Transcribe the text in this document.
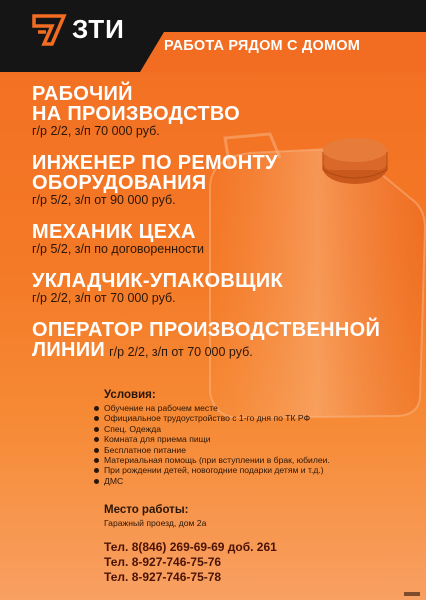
ЗТИ
РАБОТА РЯДОМ С ДОМОМ
РАБОЧИЙ
НА ПРОИЗВОДСТВО
г/р 2/2, з/п 70 000 руб.
ИНЖЕНЕР ПО РЕМОНТУ
ОБОРУДОВАНИЯ
г/р 5/2, з/п от 90 000 руб.
МЕХАНИК ЦЕХА
г/р 5/2, з/п по договоренности
УКЛАДЧИК-УПАКОВЩИК
г/р 2/2, з/п от 70 000 руб.
ОПЕРАТОР ПРОИЗВОДСТВЕННОЙ
ЛИНИИ г/р 2/2, з/п от 70 000 руб.
Условия:
Обучение на рабочем месте
Официальное трудоустройство с 1-го дня по ТК РФ
Спец. Одежда
Комната для приема пищи
Бесплатное питание
Материальная помощь (при вступлении в брак, юбилеи.
При рождении детей, новогодние подарки детям и т.д.)
ДМС
Место работы:
Гаражный проезд, дом 2а
Тел. 8(846) 269-69-69 доб. 261
Тел. 8-927-746-75-76
Тел. 8-927-746-75-78
